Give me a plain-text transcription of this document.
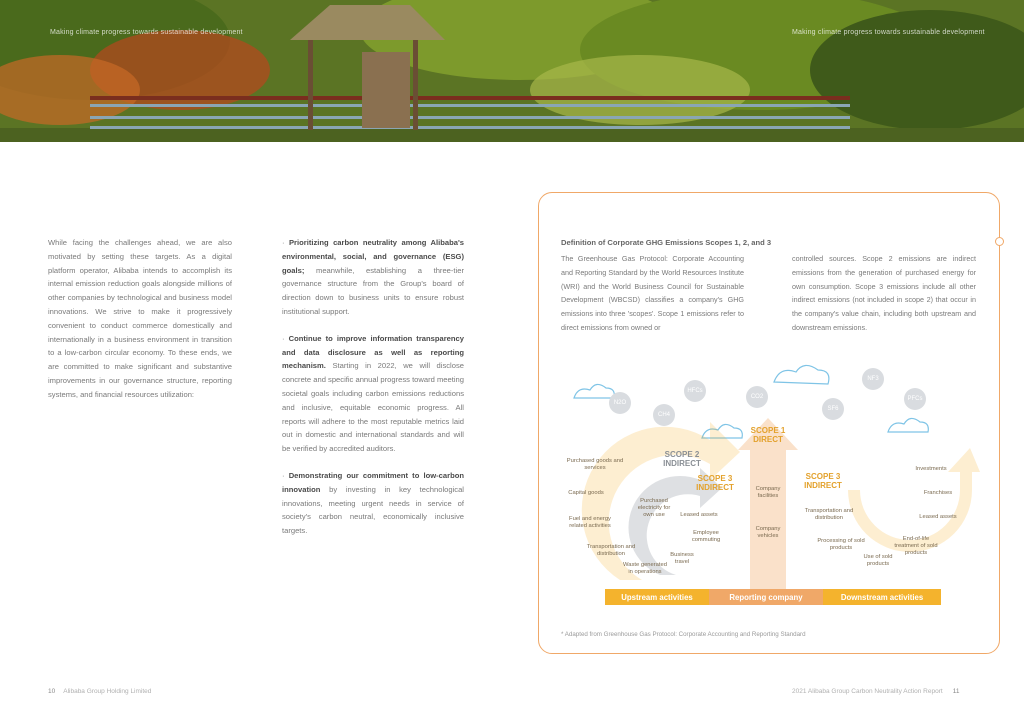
Making climate progress towards sustainable development	Making climate progress towards sustainable development
While facing the challenges ahead, we are also motivated by setting these targets. As a digital platform operator, Alibaba intends to accomplish its internal emission reduction goals alongside millions of other companies by technological and business model innovations. We strive to make it progressively convenient to conduct commerce domestically and internationally in a business environment in transition to a low-carbon circular economy. To these ends, we are committed to make significant and substantive improvements in our governance structure, reporting systems, and financial resources utilization:

· Prioritizing carbon neutrality among Alibaba's environmental, social, and governance (ESG) goals; meanwhile, establishing a three-tier governance structure from the Group's board of direction down to business units to ensure robust institutional support.

· Continue to improve information transparency and data disclosure as well as reporting mechanism. Starting in 2022, we will disclose concrete and specific annual progress toward meeting societal goals including carbon emissions reductions and inclusive, equitable economic progress. All reports will adhere to the most reputable metrics laid out in domestic and international standards and will be verified by accredited auditors.

· Demonstrating our commitment to low-carbon innovation by investing in key technological innovations, meeting urgent needs in service of society's carbon neutral, economically inclusive targets.

Definition of Corporate GHG Emissions Scopes 1, 2, and 3
The Greenhouse Gas Protocol: Corporate Accounting and Reporting Standard by the World Resources Institute (WRI) and the World Business Council for Sustainable Development (WBCSD) classifies a company's GHG emissions into three 'scopes'. Scope 1 emissions refer to direct emissions from owned or
controlled sources. Scope 2 emissions are indirect emissions from the generation of purchased energy for own consumption. Scope 3 emissions include all other indirect emissions (not included in scope 2) that occur in the company's value chain, including both upstream and downstream emissions.
N2O
HFCs
CH4
CO2
SF6
NF3
PFCs
SCOPE 1 DIRECT
SCOPE 2 INDIRECT
SCOPE 3 INDIRECT
SCOPE 3 INDIRECT
Purchased goods and services
Capital goods
Fuel and energy related activities
Transportation and distribution
Waste generated in operations
Business travel
Employee commuting
Leased assets
Purchased electricity for own use
Company facilities
Company vehicles
Investments
Franchises
Leased assets
Transportation and distribution
Processing of sold products
Use of sold products
End-of-life treatment of sold products
Upstream activities	Reporting company	Downstream activities
* Adapted from Greenhouse Gas Protocol: Corporate Accounting and Reporting Standard
10 Alibaba Group Holding Limited	2021 Alibaba Group Carbon Neutrality Action Report 11
